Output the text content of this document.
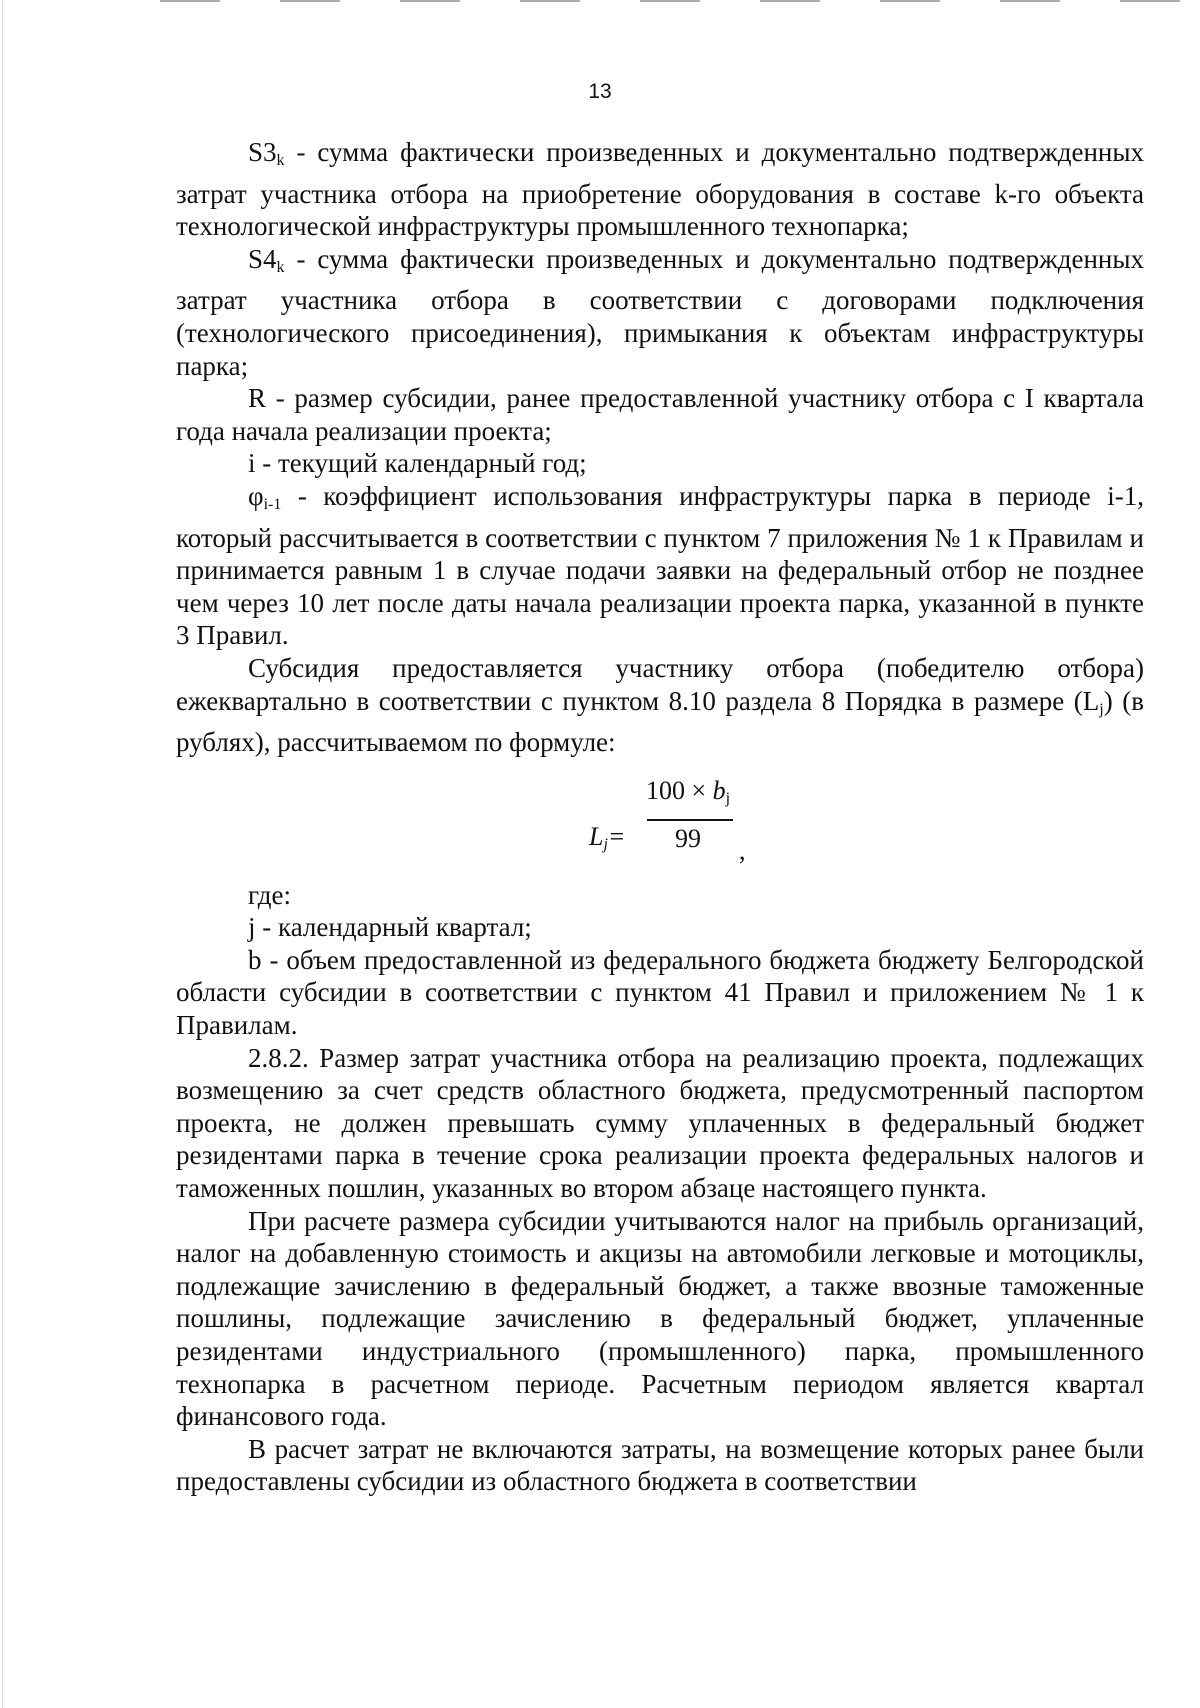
13

$S3_k$ - сумма фактически произведенных и документально подтвержденных затрат участника отбора на приобретение оборудования в составе k-го объекта технологической инфраструктуры промышленного технопарка;

$S4_k$ - сумма фактически произведенных и документально подтвержденных затрат участника отбора в соответствии с договорами подключения (технологического присоединения), примыкания к объектам инфраструктуры парка;

R - размер субсидии, ранее предоставленной участнику отбора с I квартала года начала реализации проекта;

i - текущий календарный год;

$\varphi_{i-1}$ - коэффициент использования инфраструктуры парка в периоде i-1, который рассчитывается в соответствии с пунктом 7 приложения № 1 к Правилам и принимается равным 1 в случае подачи заявки на федеральный отбор не позднее чем через 10 лет после даты начала реализации проекта парка, указанной в пункте 3 Правил.

Субсидия предоставляется участнику отбора (победителю отбора) ежеквартально в соответствии с пунктом 8.10 раздела 8 Порядка в размере $(L_j)$ (в рублях), рассчитываемом по формуле:

$L_j=$
$100 \times b_j$
99	,

где:

j - календарный квартал;

b - объем предоставленной из федерального бюджета бюджету Белгородской области субсидии в соответствии с пунктом 41 Правил и приложением № 1 к Правилам.

2.8.2. Размер затрат участника отбора на реализацию проекта, подлежащих возмещению за счет средств областного бюджета, предусмотренный паспортом проекта, не должен превышать сумму уплаченных в федеральный бюджет резидентами парка в течение срока реализации проекта федеральных налогов и таможенных пошлин, указанных во втором абзаце настоящего пункта.

При расчете размера субсидии учитываются налог на прибыль организаций, налог на добавленную стоимость и акцизы на автомобили легковые и мотоциклы, подлежащие зачислению в федеральный бюджет, а также ввозные таможенные пошлины, подлежащие зачислению в федеральный бюджет, уплаченные резидентами индустриального (промышленного) парка, промышленного технопарка в расчетном периоде. Расчетным периодом является квартал финансового года.

В расчет затрат не включаются затраты, на возмещение которых ранее были предоставлены субсидии из областного бюджета в соответствии
